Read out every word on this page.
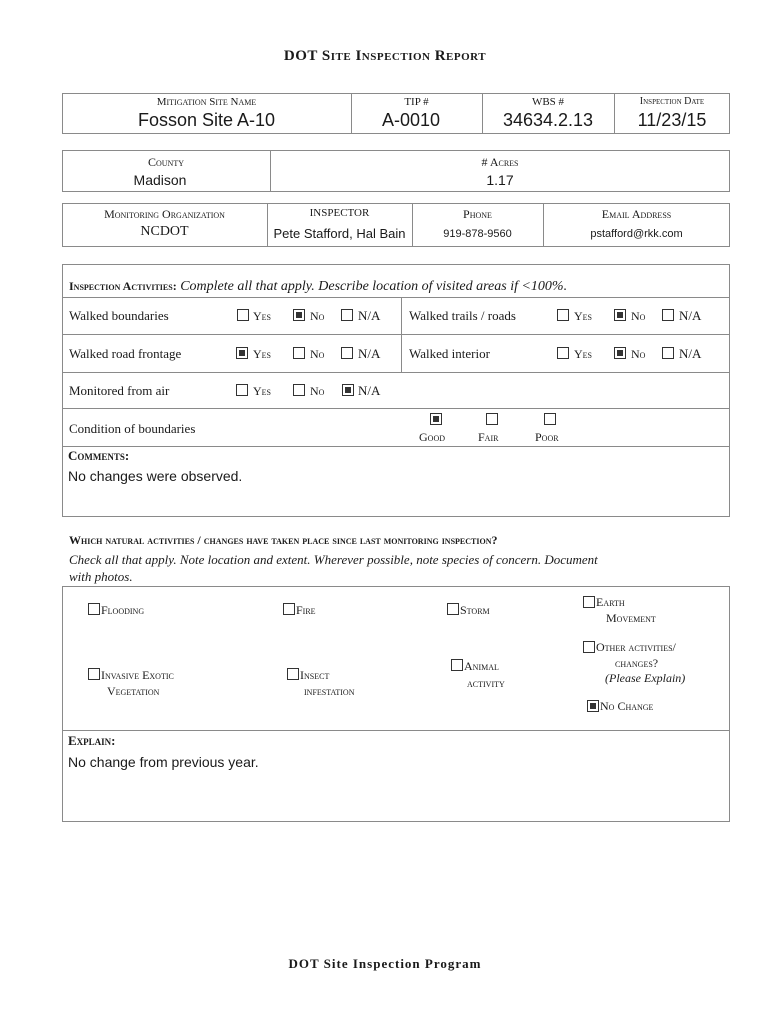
DOT Site Inspection Report
Mitigation Site Name
Fosson Site A-10
TIP #
A-0010
WBS #
34634.2.13
Inspection Date
11/23/15
County
Madison
# Acres
1.17
Monitoring Organization
NCDOT
INSPECTOR
Pete Stafford, Hal Bain
Phone
919-878-9560
Email Address
pstafford@rkk.com
Inspection Activities: Complete all that apply. Describe location of visited areas if <100%.
Walked boundaries	Yes	No	N/A Walked trails / roads	Yes	No	N/A
Walked road frontage	Yes	No	N/A Walked interior	Yes	No	N/A
Monitored from air	Yes	No	N/A
Condition of boundaries
Good	Fair	Poor
Comments:
No changes were observed.
Which natural activities / changes have taken place since last monitoring inspection?
Check all that apply. Note location and extent. Wherever possible, note species of concern. Document
with photos.
Flooding	Fire	Storm
Earth
Movement
Invasive Exotic
Vegetation
Insect
infestation
Animal
activity
Other activities/
changes?
(Please Explain)
No Change
Explain:
No change from previous year.
DOT Site Inspection Program
